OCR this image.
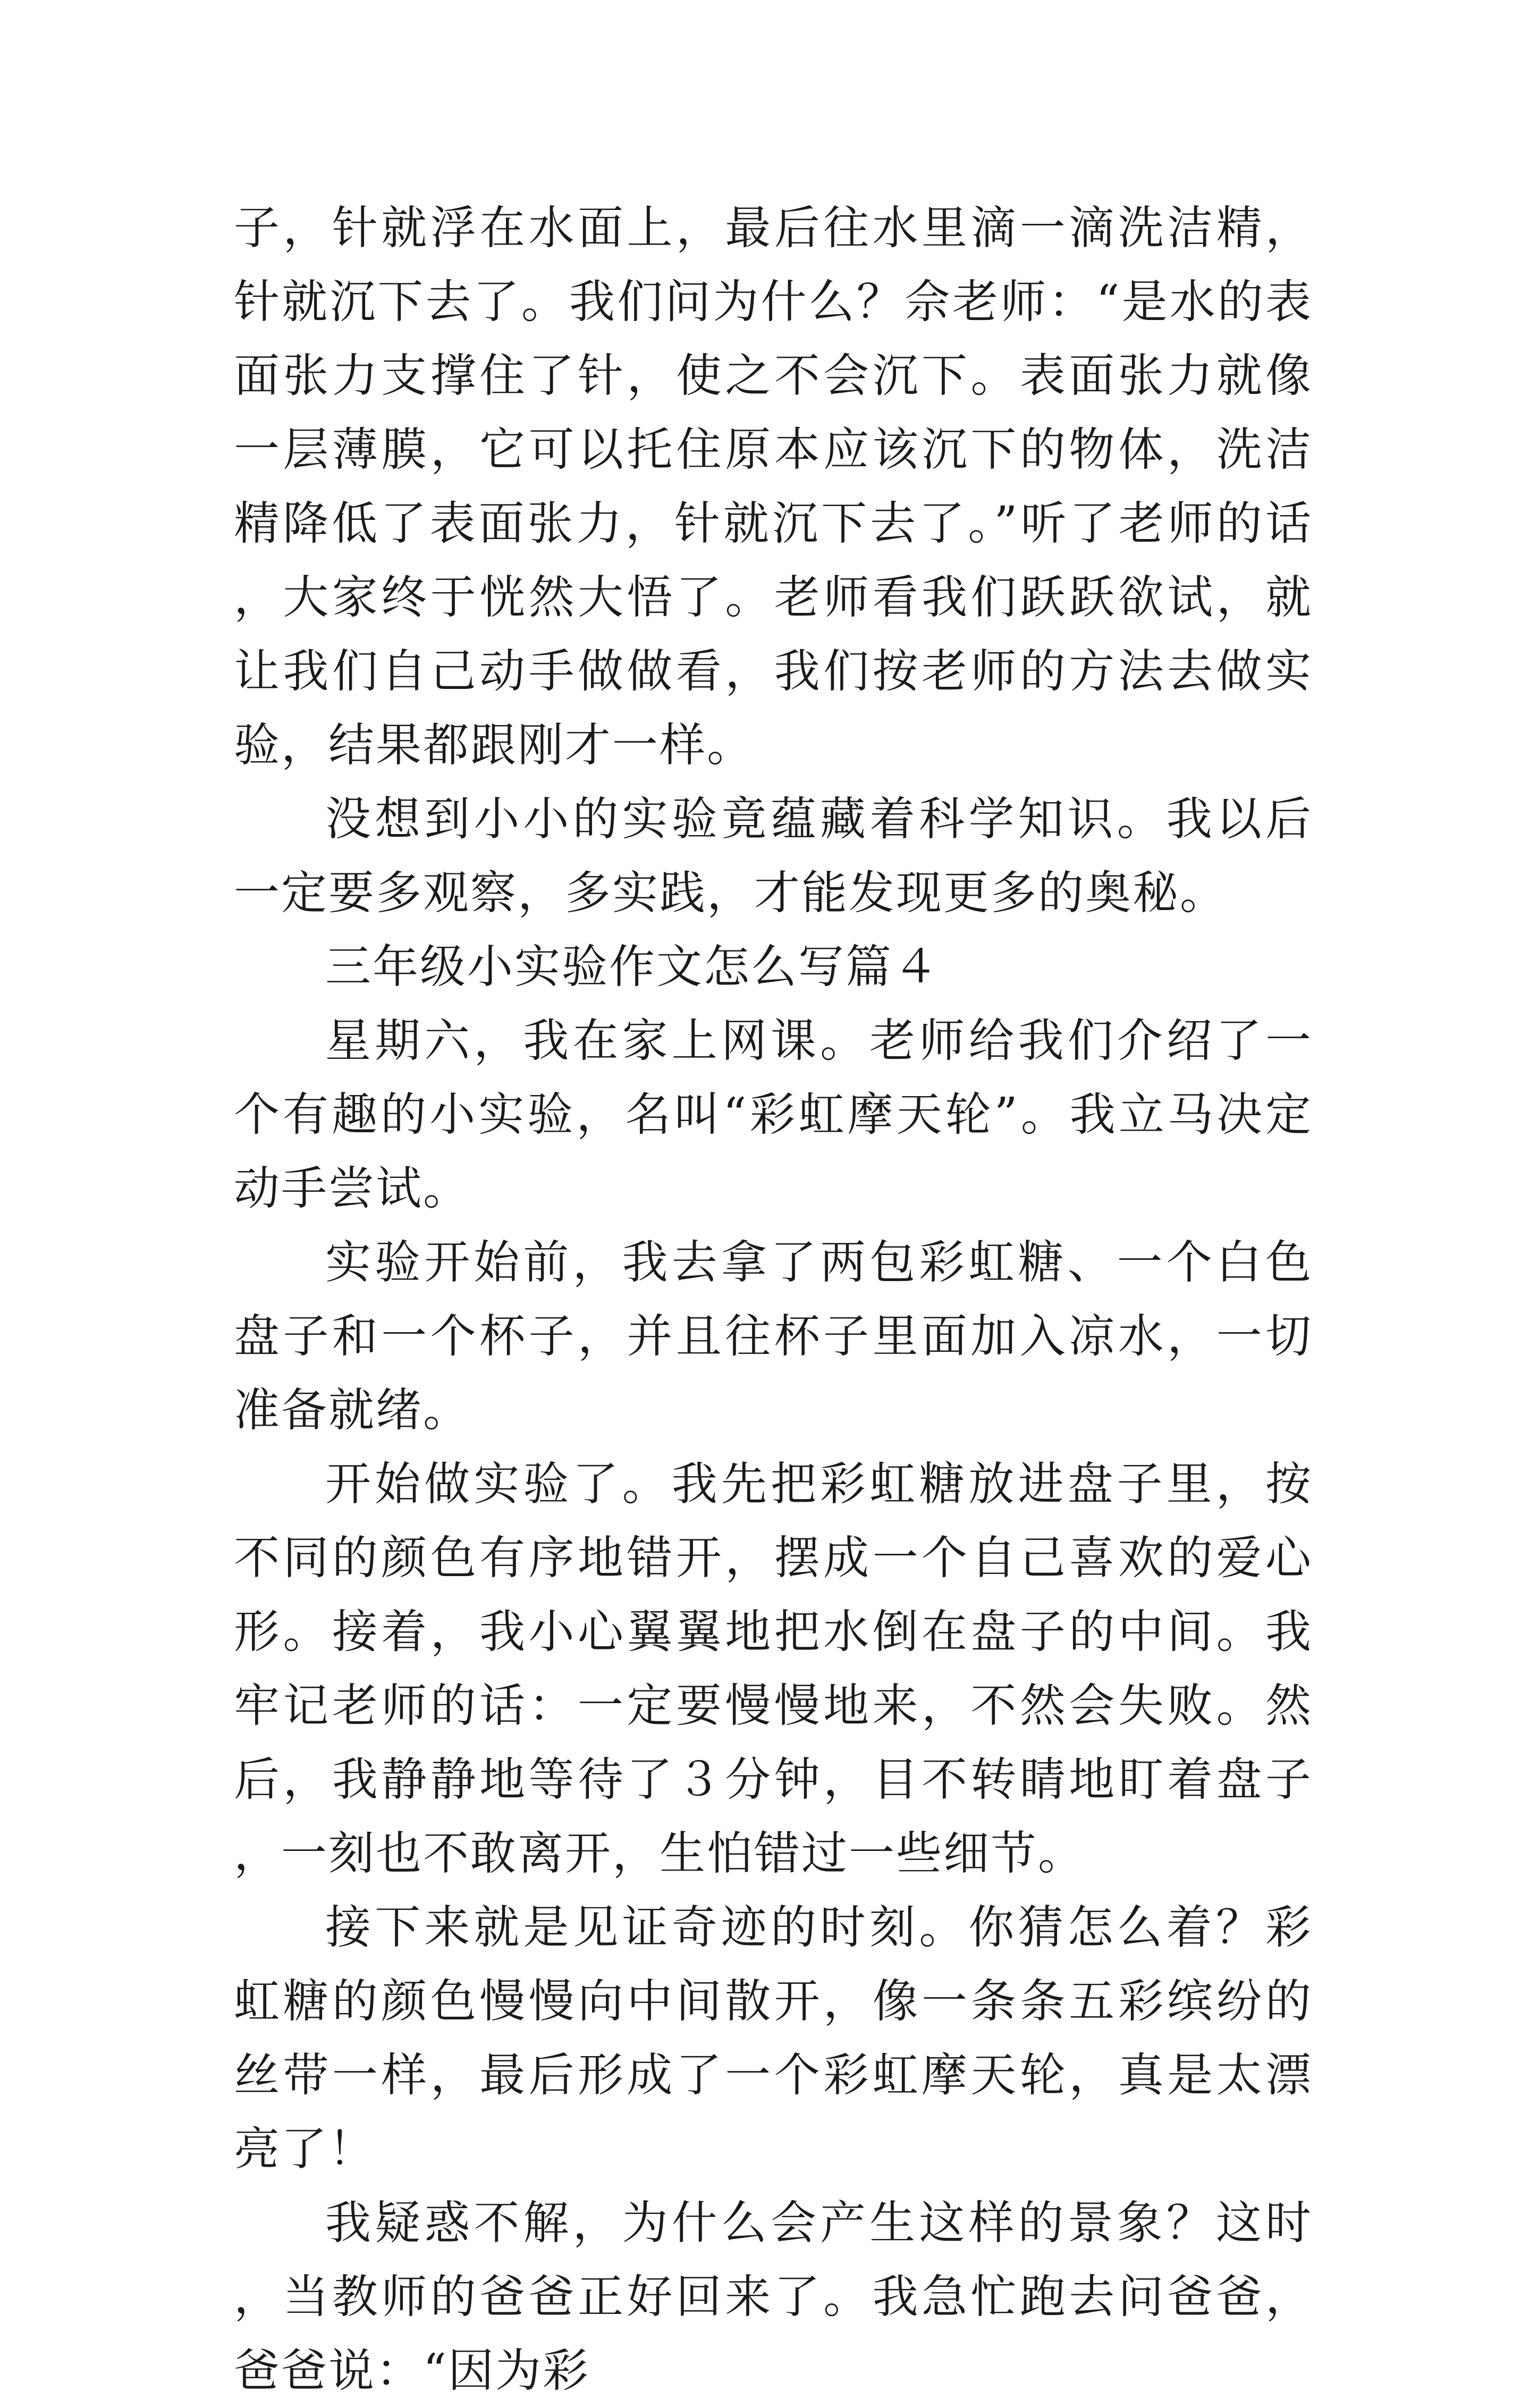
子，针就浮在水面上，最后往水里滴一滴洗洁精，针就沉下去了。我们问为什么？佘老师：“是水的表面张力支撑住了针，使之不会沉下。表面张力就像一层薄膜，它可以托住原本应该沉下的物体，洗洁精降低了表面张力，针就沉下去了。”听了老师的话，大家终于恍然大悟了。老师看我们跃跃欲试，就让我们自己动手做做看，我们按老师的方法去做实验，结果都跟刚才一样。

没想到小小的实验竟蕴藏着科学知识。我以后一定要多观察，多实践，才能发现更多的奥秘。

三年级小实验作文怎么写篇４

星期六，我在家上网课。老师给我们介绍了一个有趣的小实验，名叫“彩虹摩天轮”。我立马决定动手尝试。

实验开始前，我去拿了两包彩虹糖、一个白色盘子和一个杯子，并且往杯子里面加入凉水，一切准备就绪。

开始做实验了。我先把彩虹糖放进盘子里，按不同的颜色有序地错开，摆成一个自己喜欢的爱心形。接着，我小心翼翼地把水倒在盘子的中间。我牢记老师的话：一定要慢慢地来，不然会失败。然后，我静静地等待了３分钟，目不转睛地盯着盘子，一刻也不敢离开，生怕错过一些细节。

接下来就是见证奇迹的时刻。你猜怎么着？彩虹糖的颜色慢慢向中间散开，像一条条五彩缤纷的丝带一样，最后形成了一个彩虹摩天轮，真是太漂亮了！

我疑惑不解，为什么会产生这样的景象？这时，当教师的爸爸正好回来了。我急忙跑去问爸爸，爸爸说：“因为彩
